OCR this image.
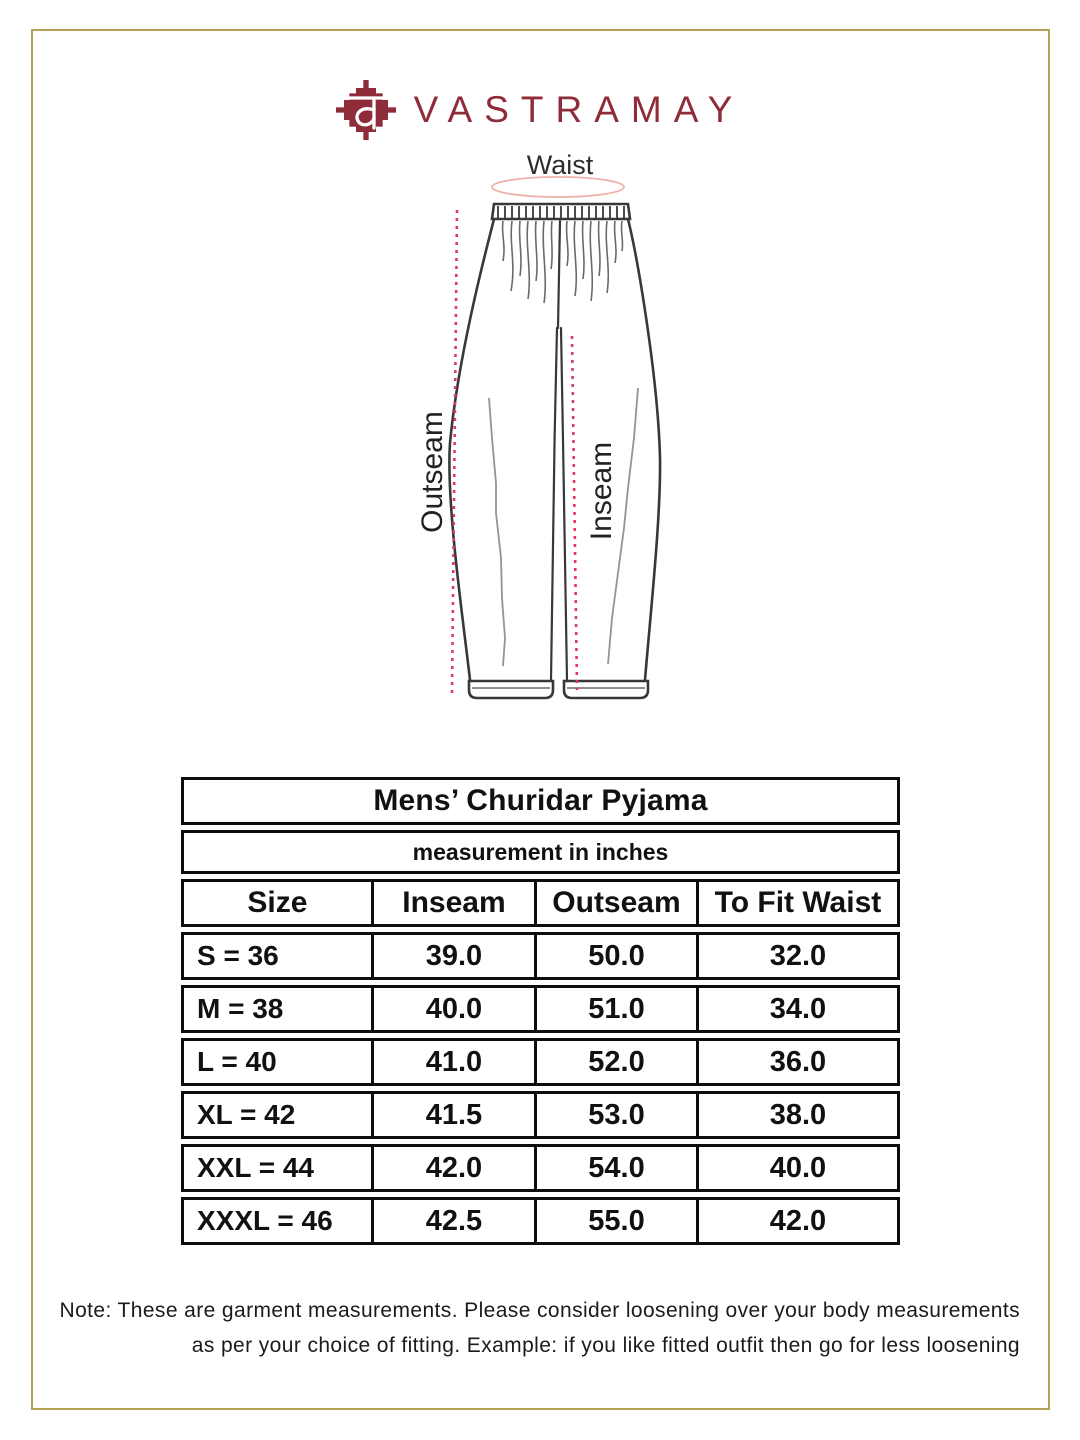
VASTRAMAY
Waist
Outseam	Inseam
Mens’ Churidar Pyjama
measurement in inches
Size	Inseam	Outseam	To Fit Waist
S = 36	39.0	50.0	32.0
M = 38	40.0	51.0	34.0
L = 40	41.0	52.0	36.0
XL = 42	41.5	53.0	38.0
XXL = 44	42.0	54.0	40.0
XXXL = 46	42.5	55.0	42.0
Note: These are garment measurements. Please consider loosening over your body measurements
as per your choice of fitting. Example: if you like fitted outfit then go for less loosening
